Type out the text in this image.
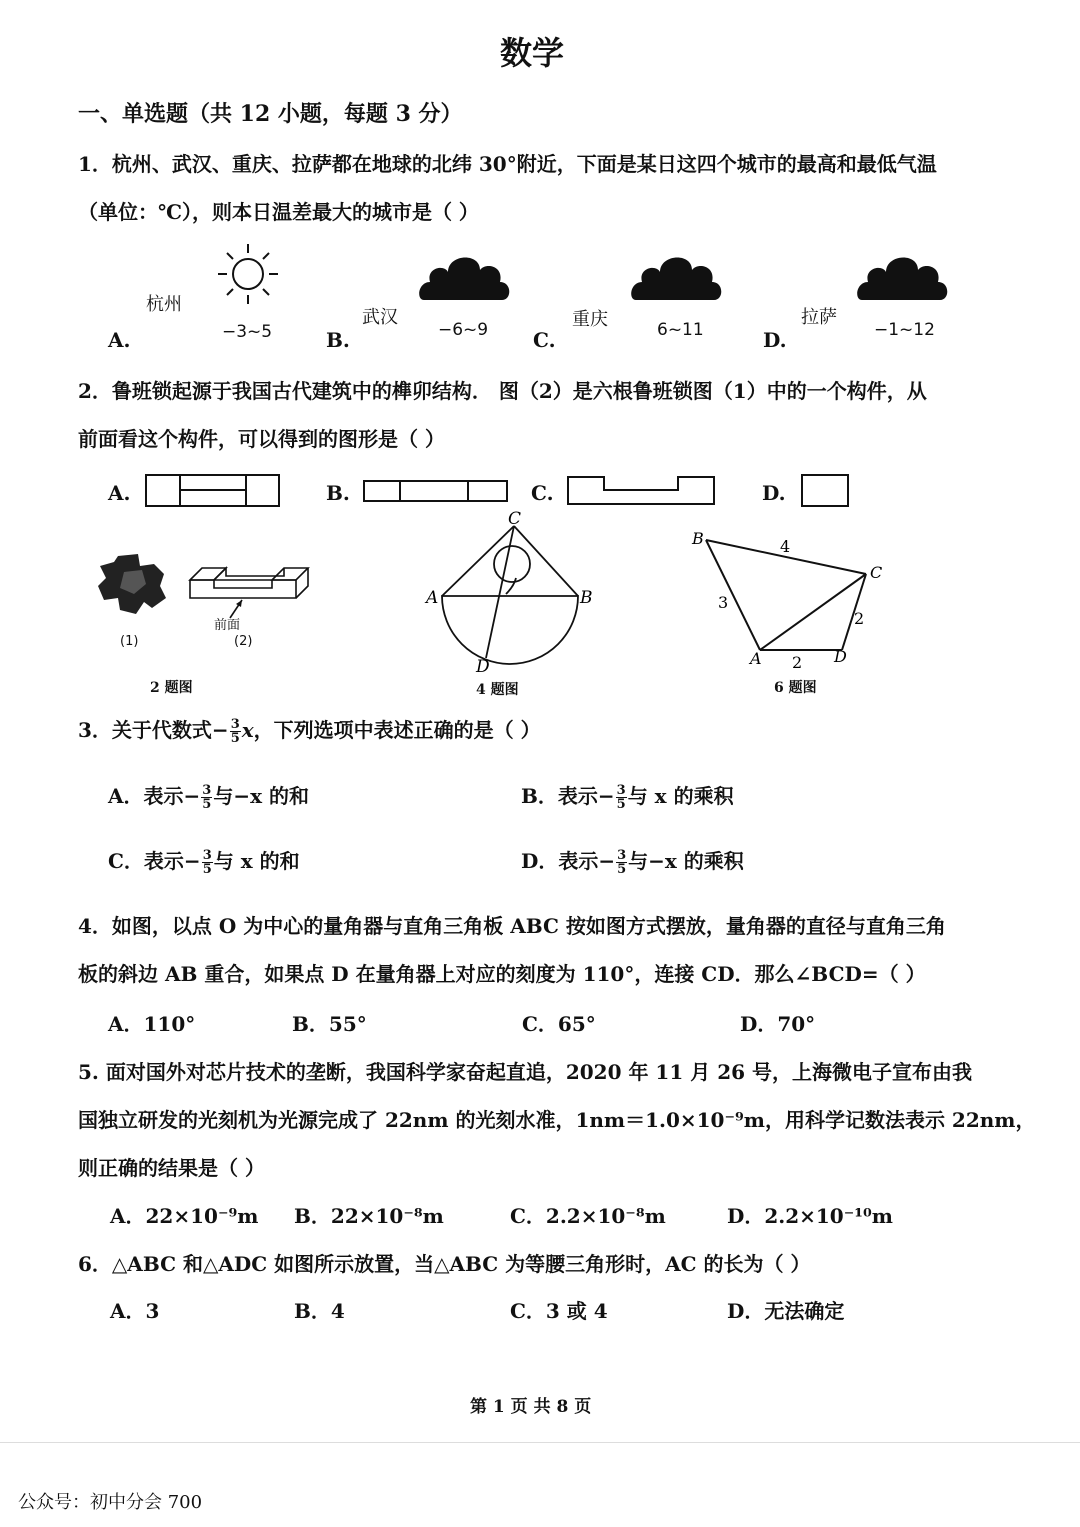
数学
一、单选题（共 12 小题，每题 3 分）
1．杭州、武汉、重庆、拉萨都在地球的北纬 30°附近，下面是某日这四个城市的最高和最低气温
（单位：℃），则本日温差最大的城市是（ ）
A.
杭州
−3~5	B.
武汉
−6~9 C.
重庆	6~11	D.
拉萨
−1~12
2．鲁班锁起源于我国古代建筑中的榫卯结构． 图（2）是六根鲁班锁图（1）中的一个构件，从
前面看这个构件，可以得到的图形是（ ）
A.	B.	C.	D.
前面
(1)	(2)
2 题图
C
A	B
D
4 题图
B
C
A	D
4
3
2
2
6 题图
3．关于代数式− $\frac{3}{5}$ x，下列选项中表述正确的是（ ）
A．表示− $\frac{3}{5}$ 与−x 的和	B．表示− $\frac{3}{5}$ 与 x 的乘积
C．表示− $\frac{3}{5}$ 与 x 的和	D．表示− $\frac{3}{5}$ 与−x 的乘积
4．如图，以点 O 为中心的量角器与直角三角板 ABC 按如图方式摆放，量角器的直径与直角三角
板的斜边 AB 重合，如果点 D 在量角器上对应的刻度为 110°，连接 CD．那么∠BCD=（ ）
A．110°	B．55°	C．65°	D．70°
5. 面对国外对芯片技术的垄断，我国科学家奋起直追，2020 年 11 月 26 号，上海微电子宣布由我
国独立研发的光刻机为光源完成了 22nm 的光刻水准，1nm＝1.0×10⁻⁹m，用科学记数法表示 22nm，
则正确的结果是（ ）
A．22×10⁻⁹m B．22×10⁻⁸m	C．2.2×10⁻⁸m	D．2.2×10⁻¹⁰m
6．△ABC 和△ADC 如图所示放置，当△ABC 为等腰三角形时，AC 的长为（ ）
A．3	B．4	C．3 或 4	D．无法确定
第 1 页 共 8 页
公众号：初中分会 700
